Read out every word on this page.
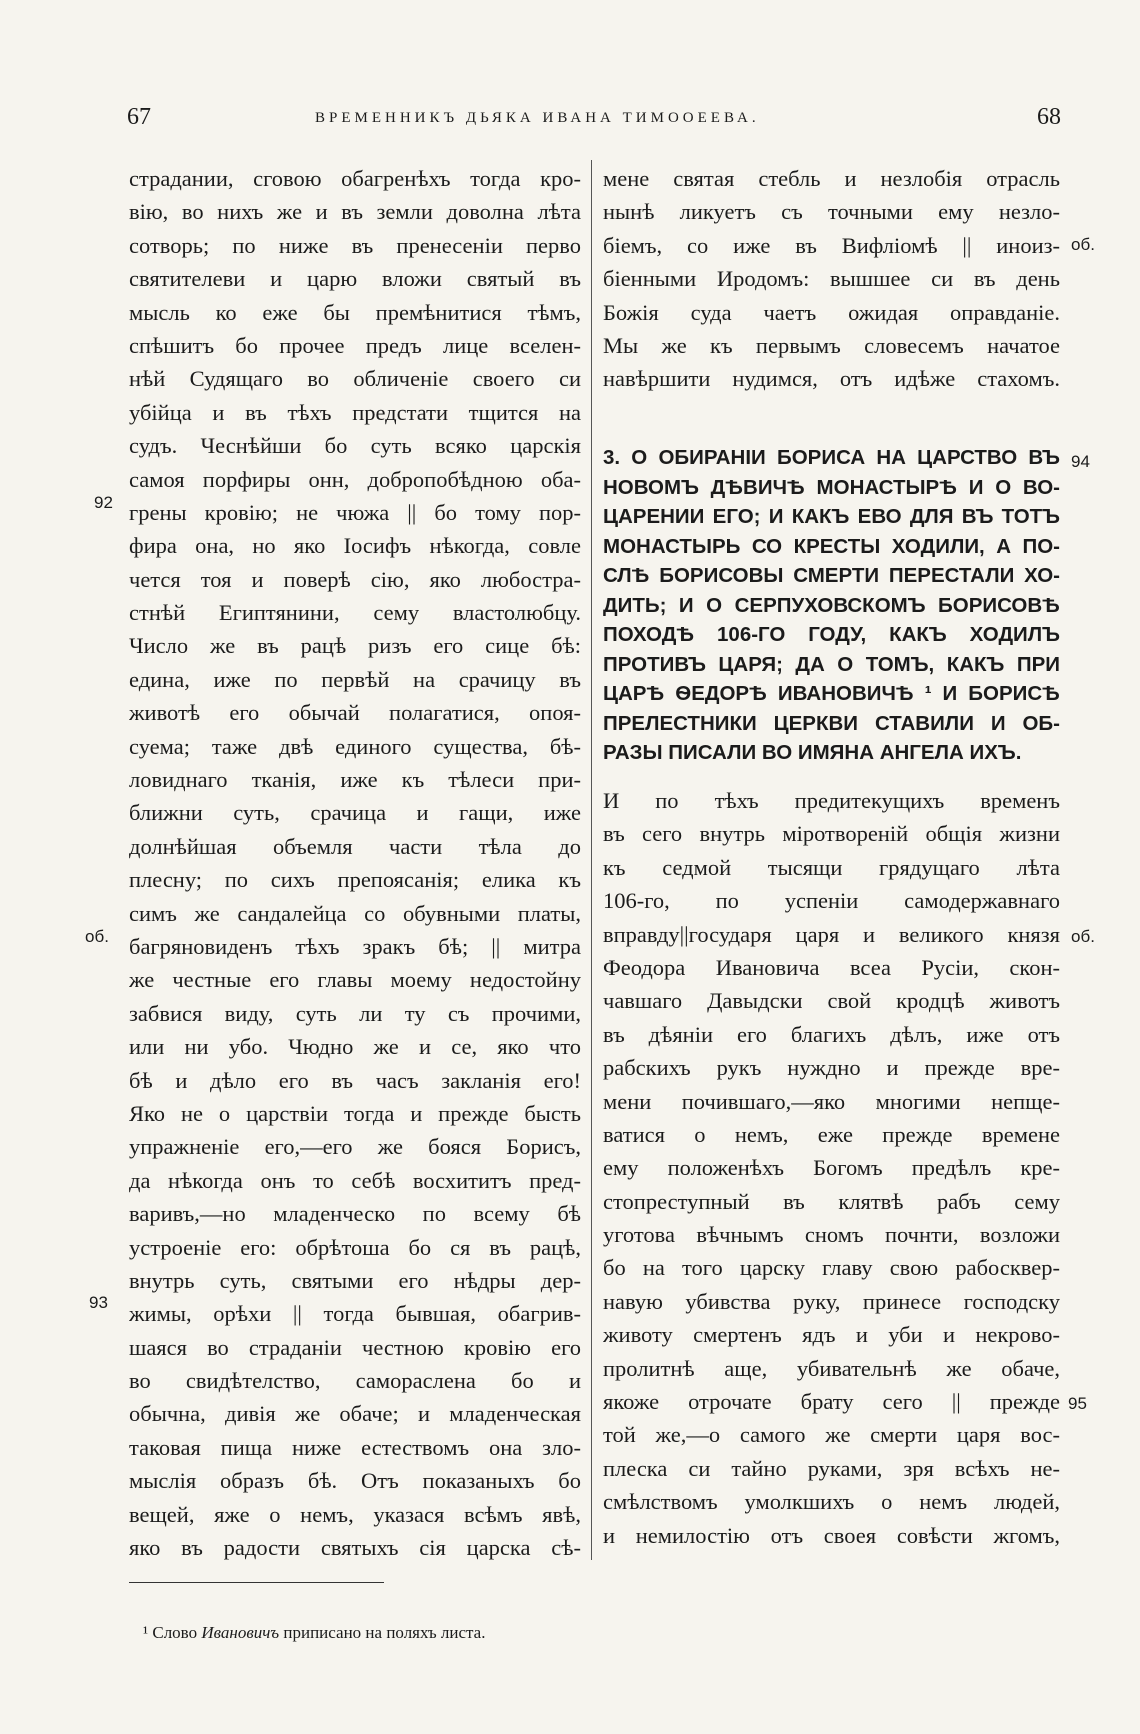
67	ВРЕМЕННИКЪ ДЬЯКА ИВАНА ТИМООЕЕВА.	68
страдании, сговою обагренѣхъ тогда кро-
вію, во нихъ же и въ земли доволна лѣта
сотворь; по нижe въ пренесеніи перво
святителеви и царю вложи святый въ
мысль ко еже бы премѣнитися тѣмъ,
спѣшитъ бо прочее предъ лице вселен-
нѣй Судящаго во обличеніе своего си
убійца и въ тѣхъ предстати тщится на
судъ. Чеснѣйши бо суть всяко царскія
самоя порфиры онн, добропобѣдною оба-
грены кровію; не чюжа || бо тому пор-
фира она, но яко Іосифъ нѣкогда, совле
чется тоя и поверѣ сію, яко любостра-
стнѣй Египтянини, сему властолюбцу.
Число же въ рацѣ ризъ его сице бѣ:
едина, иже по первѣй на срачицу въ
животѣ его обычай полагатися, опоя-
суема; таже двѣ единого существа, бѣ-
ловиднаго тканія, иже къ тѣлеси при-
ближни суть, срачица и гащи, иже
долнѣйшая объемля части тѣла до
плесну; по сихъ препоясанія; елика къ
симъ же сандалейца со обувными платы,
багряновиденъ тѣхъ зракъ бѣ; || митра
же честные его главы моему недостойну
забвися виду, суть ли ту съ прочими,
или ни убо. Чюдно же и се, яко что
бѣ и дѣло его въ часъ закланія его!
Яко не о царствіи тогда и прежде бысть
упражненіе его,—его же бояся Борисъ,
да нѣкогда онъ то себѣ восхититъ пред-
варивъ,—но младенческо по всему бѣ
устроеніе его: обрѣтоша бо ся въ рацѣ,
внутрь суть, святыми его нѣдры дер-
жимы, орѣхи || тогда бывшая, обагрив-
шаяся во страданіи честною кровію его
во свидѣтелство, саморасленa бо и
обычна, дивія же обаче; и младенческая
таковая пища ниже естествомъ она зло-
мыслія образъ бѣ. Отъ показаныхъ бо
вещей, яже о немъ, указася всѣмъ явѣ,
яко въ радости святыхъ сія царска сѣ-
мене святая стебль и незлобія отрасль
нынѣ ликуетъ съ точными ему незло-
біемъ, со иже въ Вифліомѣ || иноиз-
біенными Иродомъ: вышшее си въ день
Божія суда чаетъ ожидая оправданіе.
Мы же къ первымъ словесемъ начатое
навѣршити нудимся, отъ идѣже стахомъ.
3. О ОБИРАНІИ БОРИСА НА ЦАРСТВО ВЪ
НОВОМЪ ДѢВИЧѢ МОНАСТЫРѢ И О ВО-
ЦАРЕНИИ ЕГО; И КАКЪ ЕВО ДЛЯ ВЪ ТОТЪ
МОНАСТЫРЬ СО КРЕСТЫ ХОДИЛИ, А ПО-
СЛѢ БОРИСОВЫ СМЕРТИ ПЕРЕСТАЛИ ХО-
ДИТЬ; И О СЕРПУХОВСКОМЪ БОРИСОВѢ
ПОХОДѢ 106-ГО ГОДУ, КАКЪ ХОДИЛЪ
ПРОТИВЪ ЦАРЯ; ДА О ТОМЪ, КАКЪ ПРИ
ЦАРѢ ѲЕДОРѢ ИВАНОВИЧѢ ¹ И БОРИСѢ
ПРЕЛЕСТНИКИ ЦЕРКВИ СТАВИЛИ И ОБ-
РАЗЫ ПИСАЛИ ВО ИМЯНА АНГЕЛА ИХЪ.
И по тѣхъ предитекущихъ временъ
въ сего внутрь міротвореній общія жизни
къ седмой тысящи грядущаго лѣта
106-го, по успеніи самодержавнаго
вправду||государя царя и великого князя
Феодора Ивановича всеа Русіи, скон-
чавшаго Давыдски свой кродцѣ животъ
въ дѣяніи его благихъ дѣлъ, иже отъ
рабскихъ рукъ нуждно и прежде вре-
мени почившаго,—яко многими непще-
ватися о немъ, еже прежде времене
ему положенѣхъ Богомъ предѣлъ кре-
стопреступный въ клятвѣ рабъ сему
уготова вѣчнымъ сномъ почнти, возложи
бо на того царску главу свою рабосквер-
навую убивства руку, принесе господску
животу смертенъ ядъ и уби и некрово-
пролитнѣ аще, убивательнѣ же обаче,
якоже отрочате брату сего || прежде
той же,—о самого же смерти царя вос-
плеска си тайно руками, зря всѣхъ не-
смѣлствомъ умолкшихъ о немъ людей,
и немилостію отъ своея совѣсти жгомъ,
92
об.
93
об.
94
об.
95
¹ Слово Ивановичъ приписано на поляхъ листа.
